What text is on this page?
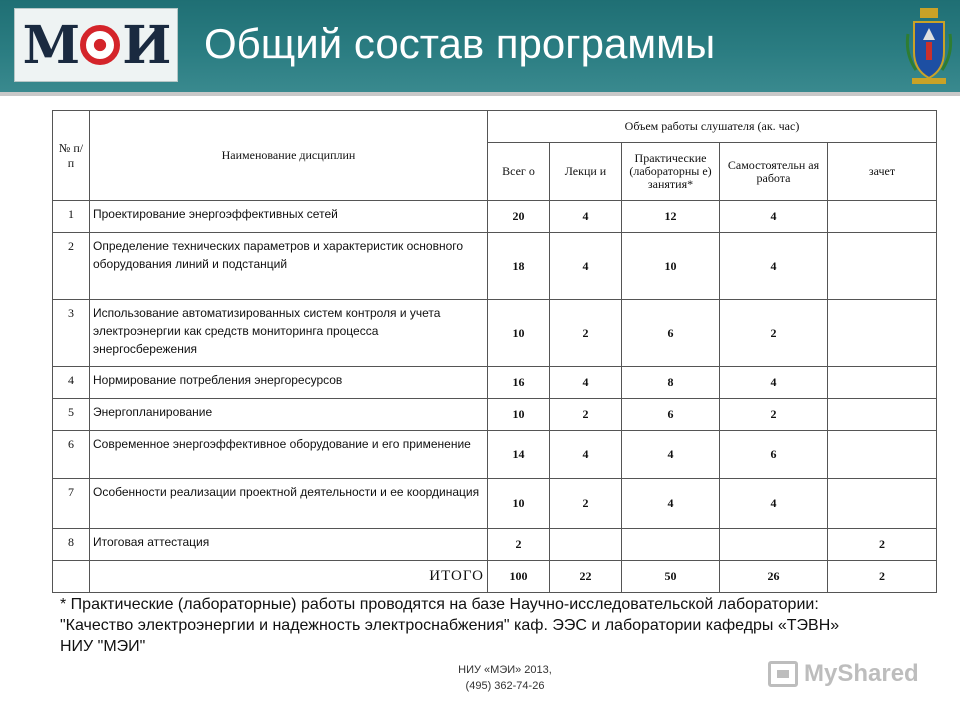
М И Общий состав программы
№ п/ п	Наименование дисциплин	Объем работы слушателя (ак. час)				
		Всег о	Лекци и	Практические (лабораторны е) занятия*	Самостоятельн ая работа	зачет
1	Проектирование энергоэффективных сетей	20	4	12	4	
2	Определение технических параметров и характеристик основного оборудования линий и подстанций	18	4	10	4	
3	Использование автоматизированных систем контроля и учета электроэнергии как средств мониторинга процесса энергосбережения	10	2	6	2	
4	Нормирование потребления энергоресурсов	16	4	8	4	
5	Энергопланирование	10	2	6	2	
6	Современное энергоэффективное оборудование и его применение	14	4	4	6	
7	Особенности реализации проектной деятельности и ее координация	10	2	4	4	
8	Итоговая аттестация	2				2
	ИТОГО	100	22	50	26	2
* Практические (лабораторные) работы проводятся на базе Научно-исследовательской лаборатории: "Качество электроэнергии и надежность электроснабжения" каф. ЭЭС и лаборатории кафедры «ТЭВН» НИУ "МЭИ"
НИУ «МЭИ» 2013,
(495) 362-74-26	MyShared
